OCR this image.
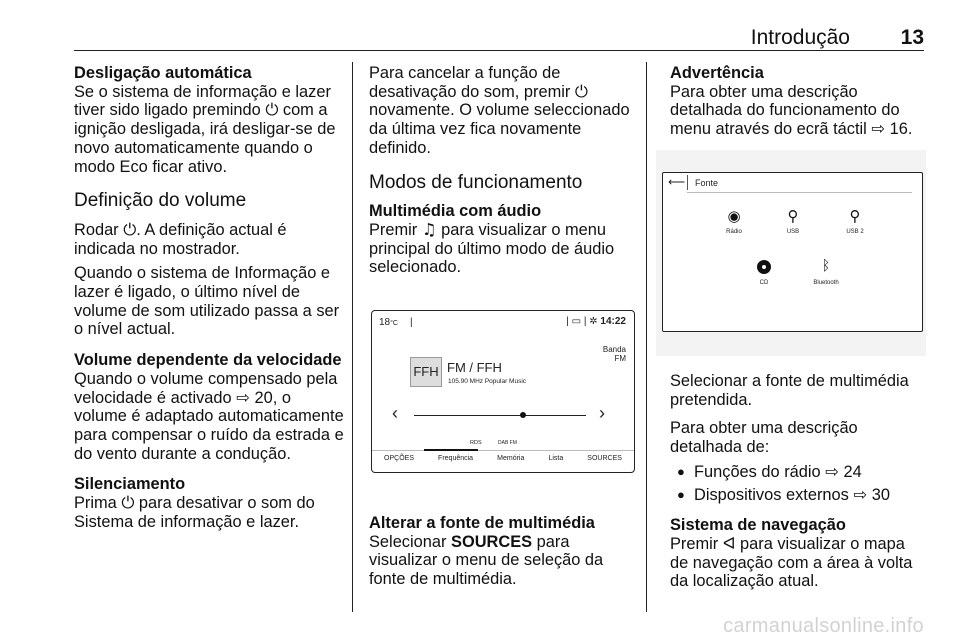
Introdução 13
Desligação automática

Se o sistema de informação e lazer tiver sido ligado premindo ⏻ com a ignição desligada, irá desligar-se de novo automaticamente quando o modo Eco ficar ativo.

Definição do volume

Rodar ⏻. A definição actual é indicada no mostrador.

Quando o sistema de Informação e lazer é ligado, o último nível de volume de som utilizado passa a ser o nível actual.

Volume dependente da velocidade

Quando o volume compensado pela velocidade é activado ⇨ 20, o volume é adaptado automaticamente para compensar o ruído da estrada e do vento durante a condução.

Silenciamento

Prima ⏻ para desativar o som do Sistema de informação e lazer.

Para cancelar a função de desativação do som, premir ⏻ novamente. O volume seleccionado da última vez fica novamente definido.

Modos de funcionamento
Multimédia com áudio

Premir ♫ para visualizar o menu principal do último modo de áudio selecionado.

18°C |	| ▭ | ✲ 14:22
Banda
FM
FFH FM / FFH
105.90 MHz Popular Music
‹	›
RDS	DAB FM
OPÇÕES	Frequência	Memória	Lista	SOURCES
Alterar a fonte de multimédia

Selecionar SOURCES para visualizar o menu de seleção da fonte de multimédia.

Advertência

Para obter uma descrição detalhada do funcionamento do menu através do ecrã táctil ⇨ 16.

⟵ Fonte
◉
Rádio
⚲
USB
⚲
USB 2
CD
ᛒ
Bluetooth

Selecionar a fonte de multimédia pretendida.

Para obter uma descrição detalhada de:

● Funções do rádio ⇨ 24
● Dispositivos externos ⇨ 30
Sistema de navegação

Premir ᐊ para visualizar o mapa de navegação com a área à volta da localização atual.

carmanualsonline.info
